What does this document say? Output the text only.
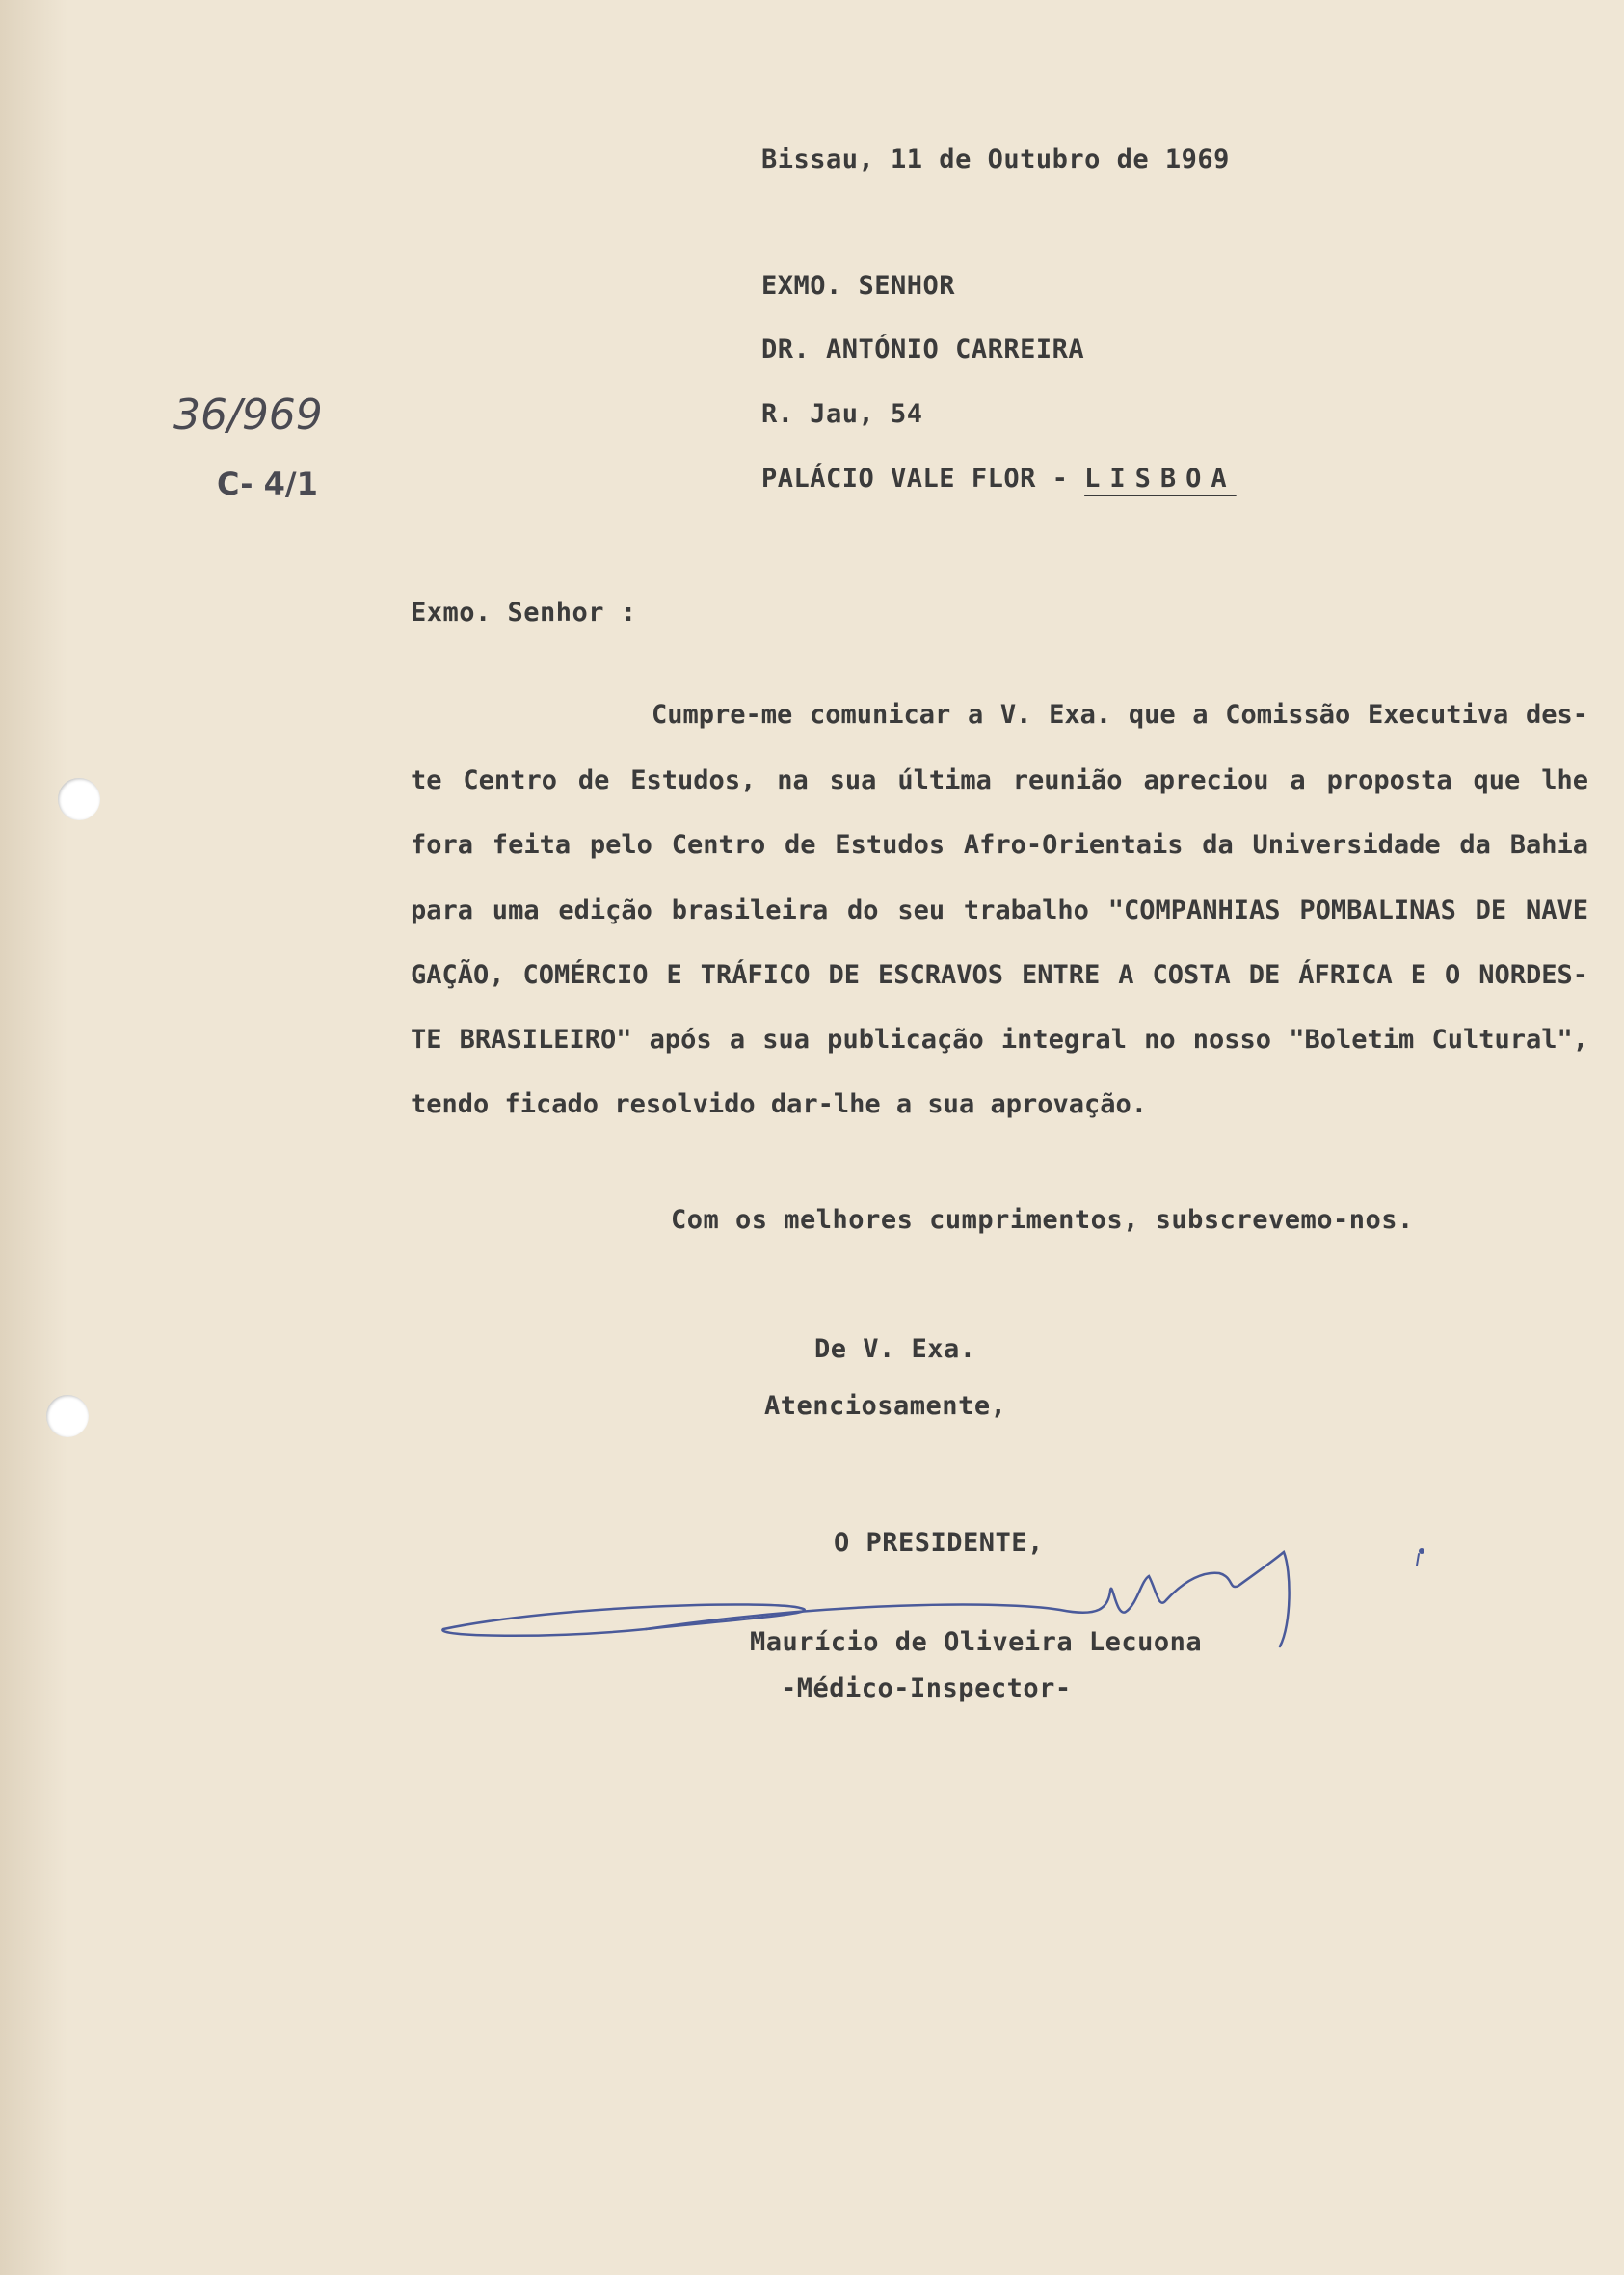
Bissau, 11 de Outubro de 1969
EXMO. SENHOR
DR. ANTÓNIO CARREIRA
R. Jau, 54
PALÁCIO VALE FLOR - LISBOA
36/969
C- 4/1
Exmo. Senhor :
Cumpre-me comunicar a V. Exa. que a Comissão Executiva des-
te Centro de Estudos, na sua última reunião apreciou a proposta que lhe
fora feita pelo Centro de Estudos Afro-Orientais da Universidade da Bahia
para uma edição brasileira do seu trabalho "COMPANHIAS POMBALINAS DE NAVE
GAÇÃO, COMÉRCIO E TRÁFICO DE ESCRAVOS ENTRE A COSTA DE ÁFRICA E O NORDES-
TE BRASILEIRO" após a sua publicação integral no nosso "Boletim Cultural",
tendo ficado resolvido dar-lhe a sua aprovação.
Com os melhores cumprimentos, subscrevemo-nos.
De V. Exa.
Atenciosamente,
O PRESIDENTE,
Maurício de Oliveira Lecuona
-Médico-Inspector-
